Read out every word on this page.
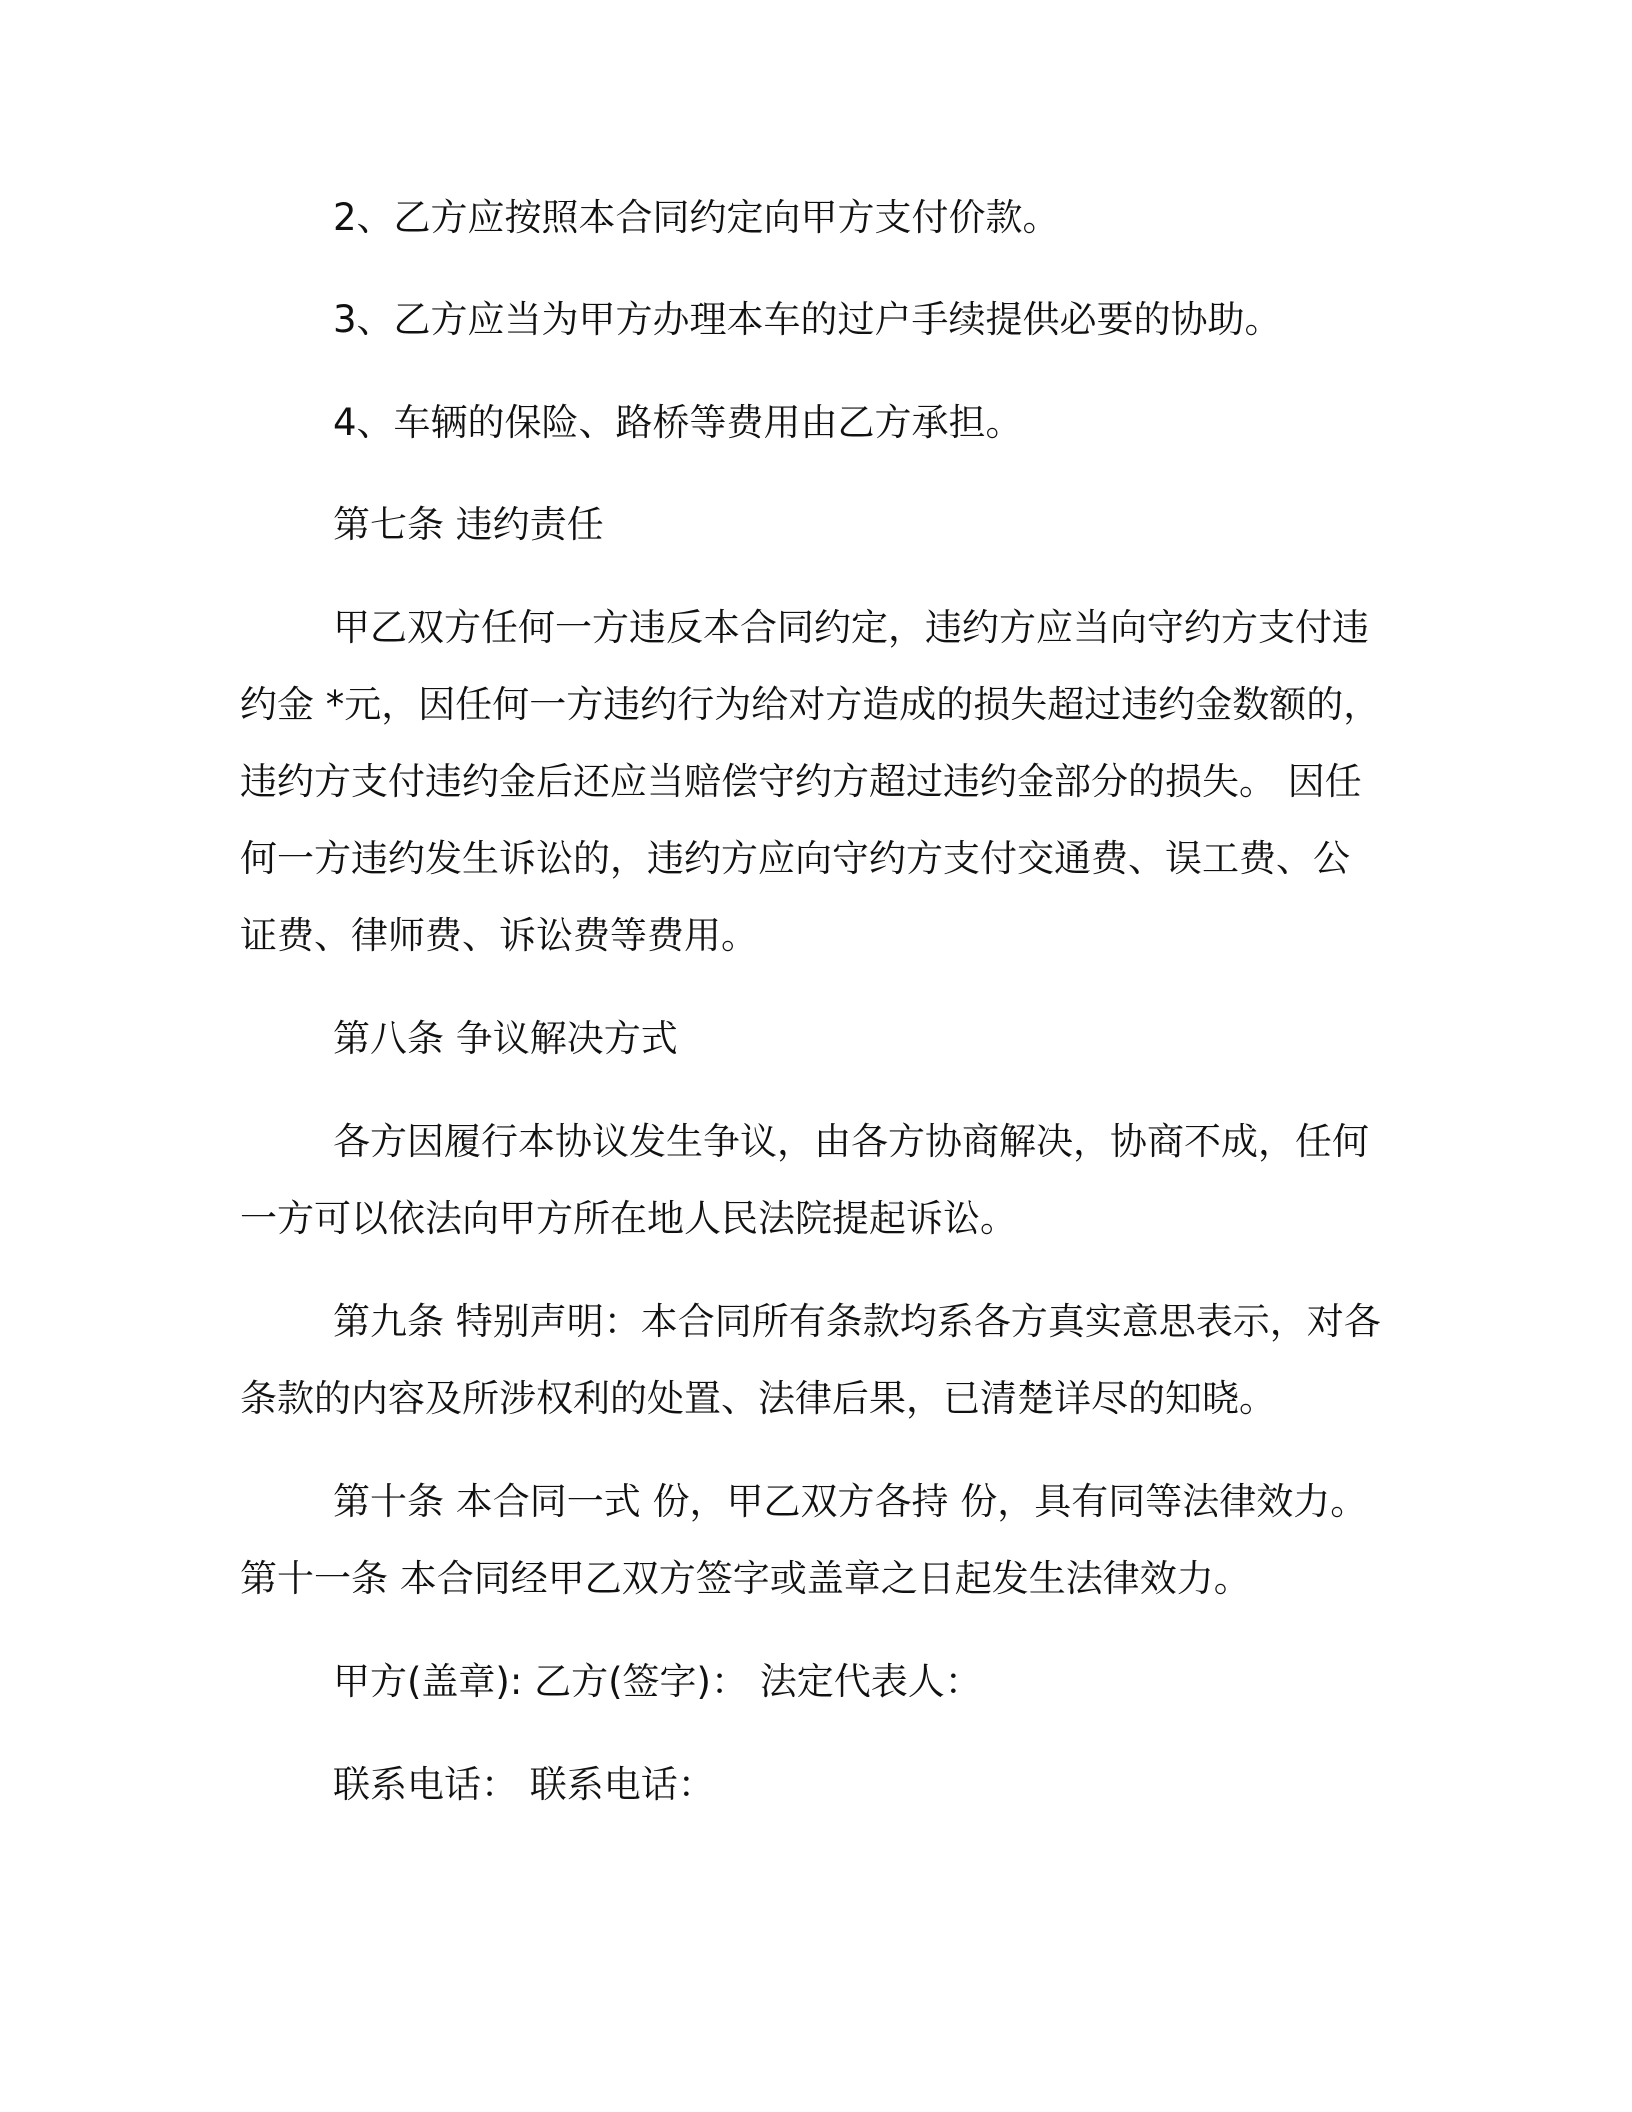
2、乙方应按照本合同约定向甲方支付价款。

3、乙方应当为甲方办理本车的过户手续提供必要的协助。

4、车辆的保险、路桥等费用由乙方承担。

第七条 违约责任

甲乙双方任何一方违反本合同约定，违约方应当向守约方支付违

约金 *元，因任何一方违约行为给对方造成的损失超过违约金数额的，

违约方支付违约金后还应当赔偿守约方超过违约金部分的损失。 因任

何一方违约发生诉讼的，违约方应向守约方支付交通费、误工费、公

证费、律师费、诉讼费等费用。

第八条 争议解决方式

各方因履行本协议发生争议，由各方协商解决，协商不成，任何

一方可以依法向甲方所在地人民法院提起诉讼。

第九条 特别声明：本合同所有条款均系各方真实意思表示，对各

条款的内容及所涉权利的处置、法律后果，已清楚详尽的知晓。

第十条 本合同一式 份，甲乙双方各持 份，具有同等法律效力。

第十一条 本合同经甲乙双方签字或盖章之日起发生法律效力。

甲方(盖章): 乙方(签字)： 法定代表人：

联系电话： 联系电话：
